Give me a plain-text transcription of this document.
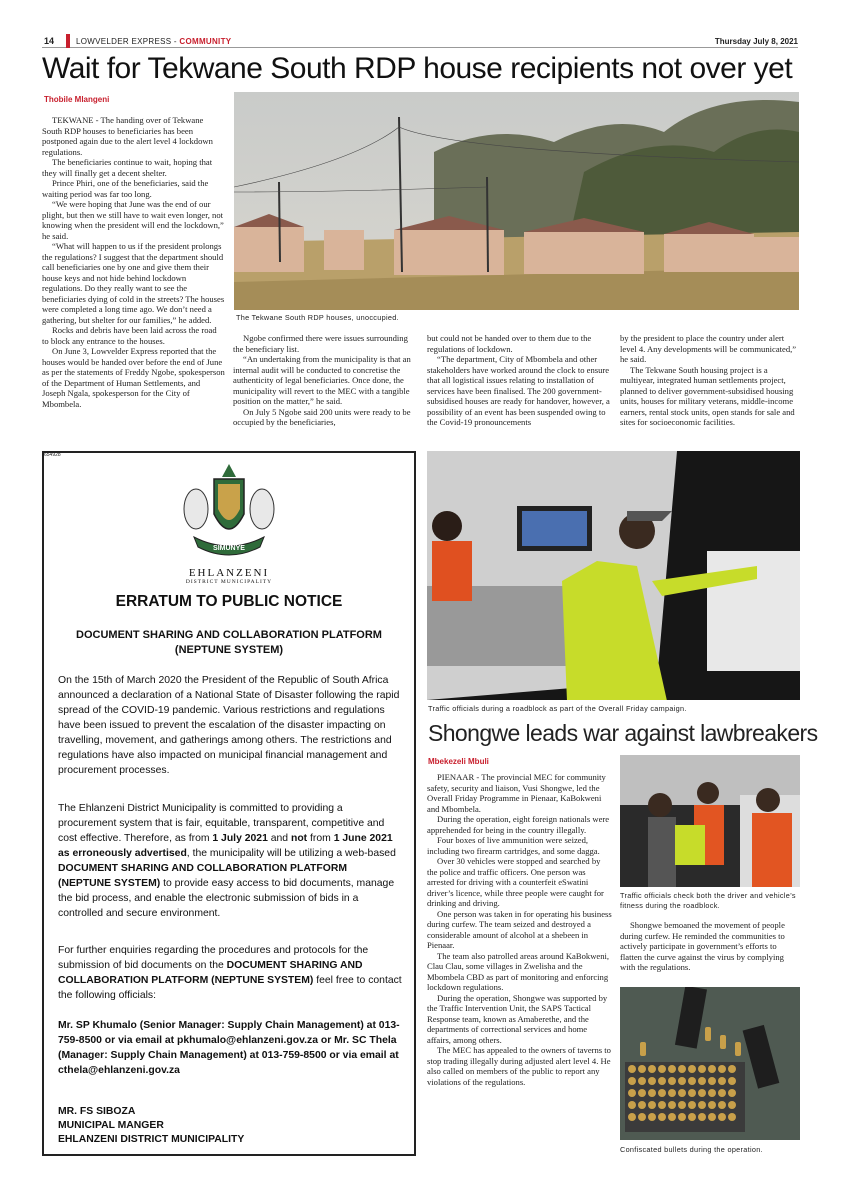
14	LOWVELDER EXPRESS - COMMUNITY	Thursday July 8, 2021
Wait for Tekwane South RDP house recipients not over yet
Thobile Mlangeni

TEKWANE - The handing over of Tekwane South RDP houses to beneficiaries has been postponed again due to the alert level 4 lockdown regulations.

The beneficiaries continue to wait, hoping that they will finally get a decent shelter.

Prince Phiri, one of the beneficiaries, said the waiting period was far too long.

“We were hoping that June was the end of our plight, but then we still have to wait even longer, not knowing when the president will end the lockdown,” he said.

“What will happen to us if the president prolongs the regulations? I suggest that the department should call beneficiaries one by one and give them their house keys and not hide behind lockdown regulations. Do they really want to see the beneficiaries dying of cold in the streets? The houses were completed a long time ago. We don’t need a gathering, but shelter for our families,” he added.

Rocks and debris have been laid across the road to block any entrance to the houses.

On June 3, Lowvelder Express reported that the houses would be handed over before the end of June as per the statements of Freddy Ngobe, spokesperson of the Department of Human Settlements, and Joseph Ngala, spokesperson for the City of Mbombela.

The Tekwane South RDP houses, unoccupied.

Ngobe confirmed there were issues surrounding the beneficiary list.

“An undertaking from the municipality is that an internal audit will be conducted to concretise the authenticity of legal beneficiaries. Once done, the municipality will revert to the MEC with a tangible position on the matter,” he said.

On July 5 Ngobe said 200 units were ready to be occupied by the beneficiaries,

but could not be handed over to them due to the regulations of lockdown.

“The department, City of Mbombela and other stakeholders have worked around the clock to ensure that all logistical issues relating to installation of services have been finalised. The 200 government-subsidised houses are ready for handover, however, a possibility of an event has been suspended owing to the Covid-19 pronouncements

by the president to place the country under alert level 4. Any developments will be communicated,” he said.

The Tekwane South housing project is a multiyear, integrated human settlements project, planned to deliver government-subsidised housing units, houses for military veterans, middle-income earners, rental stock units, open stands for sale and sites for socioeconomic facilities.

654928
SIMUNYE
EHLANZENI
DISTRICT MUNICIPALITY
ERRATUM TO PUBLIC NOTICE
DOCUMENT SHARING AND COLLABORATION PLATFORM (NEPTUNE SYSTEM)
On the 15th of March 2020 the President of the Republic of South Africa announced a declaration of a National State of Disaster following the rapid spread of the COVID-19 pandemic. Various restrictions and regulations have been issued to prevent the escalation of the disaster impacting on travelling, movement, and gatherings among others. The restrictions and regulations have also impacted on municipal financial management and procurement processes.
The Ehlanzeni District Municipality is committed to providing a procurement system that is fair, equitable, transparent, competitive and cost effective. Therefore, as from 1 July 2021 and not from 1 June 2021 as erroneously advertised, the municipality will be utilizing a web-based DOCUMENT SHARING AND COLLABORATION PLATFORM (NEPTUNE SYSTEM) to provide easy access to bid documents, manage the bid process, and enable the electronic submission of bids in a controlled and secure environment.
For further enquiries regarding the procedures and protocols for the submission of bid documents on the DOCUMENT SHARING AND COLLABORATION PLATFORM (NEPTUNE SYSTEM) feel free to contact the following officials:
Mr. SP Khumalo (Senior Manager: Supply Chain Management) at 013-759-8500 or via email at pkhumalo@ehlanzeni.gov.za or Mr. SC Thela (Manager: Supply Chain Management) at 013-759-8500 or via email at cthela@ehlanzeni.gov.za
MR. FS SIBOZA
MUNICIPAL MANGER
EHLANZENI DISTRICT MUNICIPALITY
Traffic officials during a roadblock as part of the Overall Friday campaign.
Shongwe leads war against lawbreakers
Mbekezeli Mbuli

PIENAAR - The provincial MEC for community safety, security and liaison, Vusi Shongwe, led the Overall Friday Programme in Pienaar, KaBokweni and Mbombela.

During the operation, eight foreign nationals were apprehended for being in the country illegally.

Four boxes of live ammunition were seized, including two firearm cartridges, and some dagga.

Over 30 vehicles were stopped and searched by the police and traffic officers. One person was arrested for driving with a counterfeit eSwatini driver’s licence, while three people were caught for drinking and driving.

One person was taken in for operating his business during curfew. The team seized and destroyed a considerable amount of alcohol at a shebeen in Pienaar.

The team also patrolled areas around KaBokweni, Clau Clau, some villages in Zwelisha and the Mbombela CBD as part of monitoring and enforcing lockdown regulations.

During the operation, Shongwe was supported by the Traffic Intervention Unit, the SAPS Tactical Response team, known as Amaberethe, and the departments of correctional services and home affairs, among others.

The MEC has appealed to the owners of taverns to stop trading illegally during adjusted alert level 4. He also called on members of the public to report any violations of the regulations.

Traffic officials check both the driver and vehicle’s fitness during the roadblock.

Shongwe bemoaned the movement of people during curfew. He reminded the communities to actively participate in government’s efforts to flatten the curve against the virus by complying with the regulations.

Confiscated bullets during the operation.
